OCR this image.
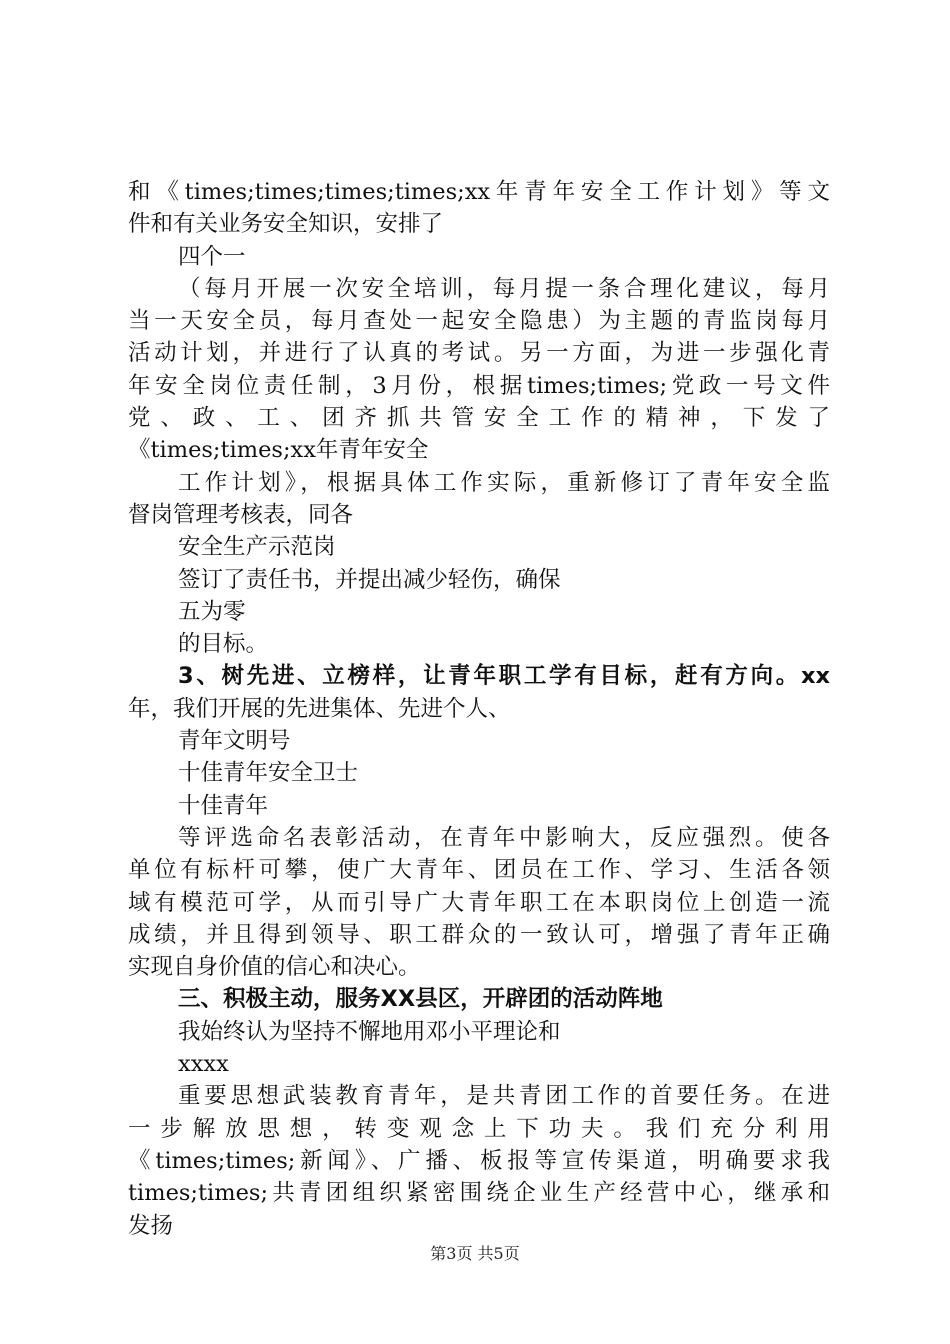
和《times;times;times;times;xx年青年安全工作计划》等文
件和有关业务安全知识，安排了
四个一
（每月开展一次安全培训，每月提一条合理化建议，每月
当一天安全员，每月查处一起安全隐患）为主题的青监岗每月
活动计划，并进行了认真的考试。另一方面，为进一步强化青
年安全岗位责任制，3月份，根据times;times;党政一号文件
党、政、工、团齐抓共管安全工作的精神，下发了
《times;times;xx年青年安全
工作计划》，根据具体工作实际，重新修订了青年安全监
督岗管理考核表，同各
安全生产示范岗
签订了责任书，并提出减少轻伤，确保
五为零
的目标。
3、树先进、立榜样，让青年职工学有目标，赶有方向。xx
年，我们开展的先进集体、先进个人、
青年文明号
十佳青年安全卫士
十佳青年
等评选命名表彰活动，在青年中影响大，反应强烈。使各
单位有标杆可攀，使广大青年、团员在工作、学习、生活各领
域有模范可学，从而引导广大青年职工在本职岗位上创造一流
成绩，并且得到领导、职工群众的一致认可，增强了青年正确
实现自身价值的信心和决心。
三、积极主动，服务XX县区，开辟团的活动阵地
我始终认为坚持不懈地用邓小平理论和
xxxx
重要思想武装教育青年，是共青团工作的首要任务。在进
一步解放思想，转变观念上下功夫。我们充分利用
《times;times;新闻》、广播、板报等宣传渠道，明确要求我
times;times;共青团组织紧密围绕企业生产经营中心，继承和
发扬
第3页 共5页
